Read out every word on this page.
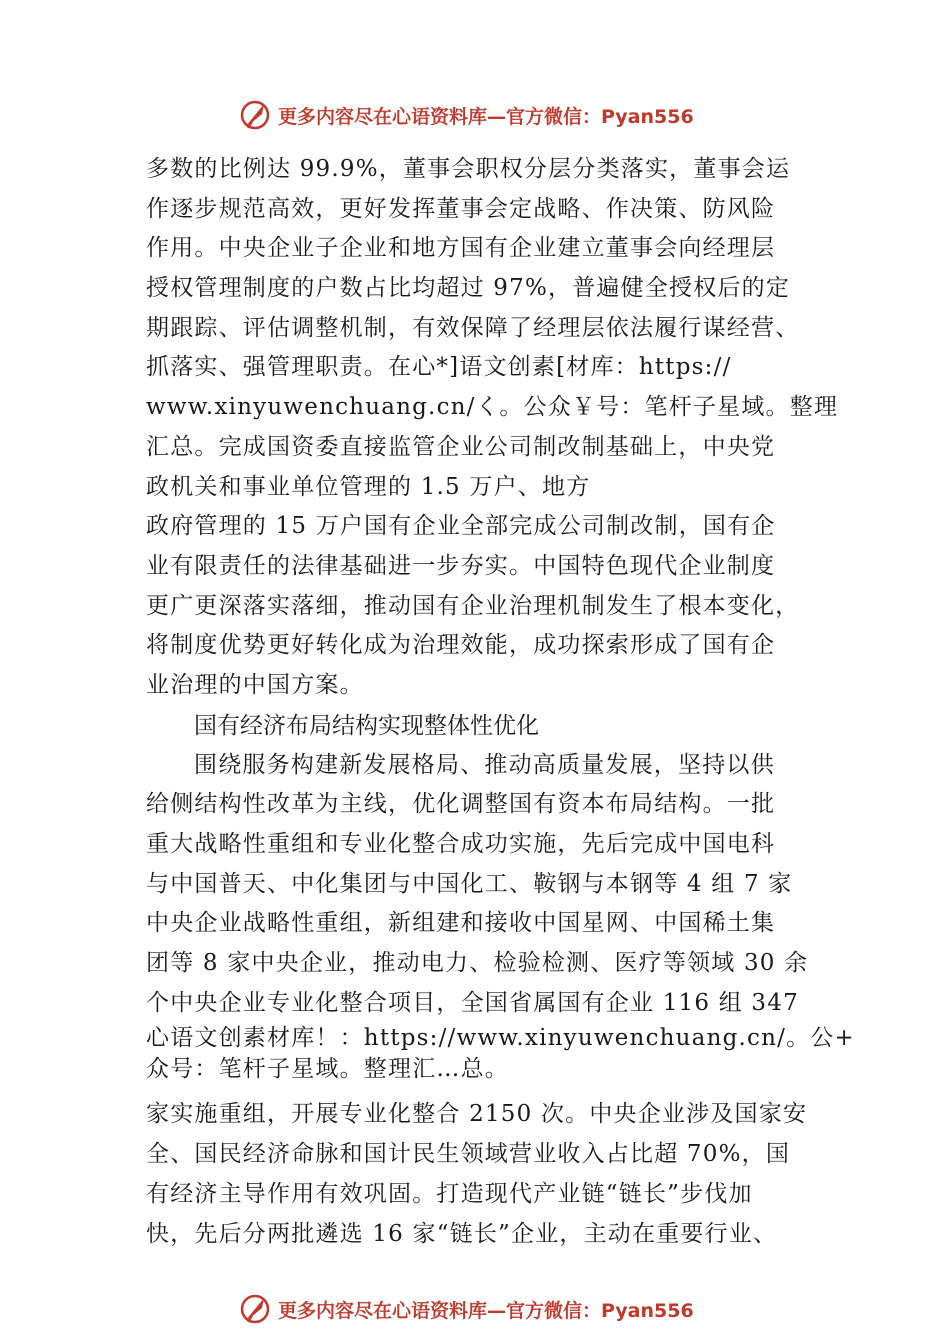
更多内容尽在心语资料库—官方微信：Pyan556
多数的比例达 99.9%，董事会职权分层分类落实，董事会运
作逐步规范高效，更好发挥董事会定战略、作决策、防风险
作用。中央企业子企业和地方国有企业建立董事会向经理层
授权管理制度的户数占比均超过 97%，普遍健全授权后的定
期跟踪、评估调整机制，有效保障了经理层依法履行谋经营、
抓落实、强管理职责。在心*]语文创素[材库：https://
www.xinyuwenchuang.cn/く。公众￥号：笔杆子星域。整理
汇总。完成国资委直接监管企业公司制改制基础上，中央党
政机关和事业单位管理的 1.5 万户、地方
政府管理的 15 万户国有企业全部完成公司制改制，国有企
业有限责任的法律基础进一步夯实。中国特色现代企业制度
更广更深落实落细，推动国有企业治理机制发生了根本变化，
将制度优势更好转化成为治理效能，成功探索形成了国有企
业治理的中国方案。
国有经济布局结构实现整体性优化
围绕服务构建新发展格局、推动高质量发展，坚持以供
给侧结构性改革为主线，优化调整国有资本布局结构。一批
重大战略性重组和专业化整合成功实施，先后完成中国电科
与中国普天、中化集团与中国化工、鞍钢与本钢等 4 组 7 家
中央企业战略性重组，新组建和接收中国星网、中国稀土集
团等 8 家中央企业，推动电力、检验检测、医疗等领域 30 余
个中央企业专业化整合项目，全国省属国有企业 116 组 347
心语文创素材库！：https://www.xinyuwenchuang.cn/。公+
众号：笔杆子星域。整理汇…总。
家实施重组，开展专业化整合 2150 次。中央企业涉及国家安
全、国民经济命脉和国计民生领域营业收入占比超 70%，国
有经济主导作用有效巩固。打造现代产业链“链长”步伐加
快，先后分两批遴选 16 家“链长”企业，主动在重要行业、
更多内容尽在心语资料库—官方微信：Pyan556
